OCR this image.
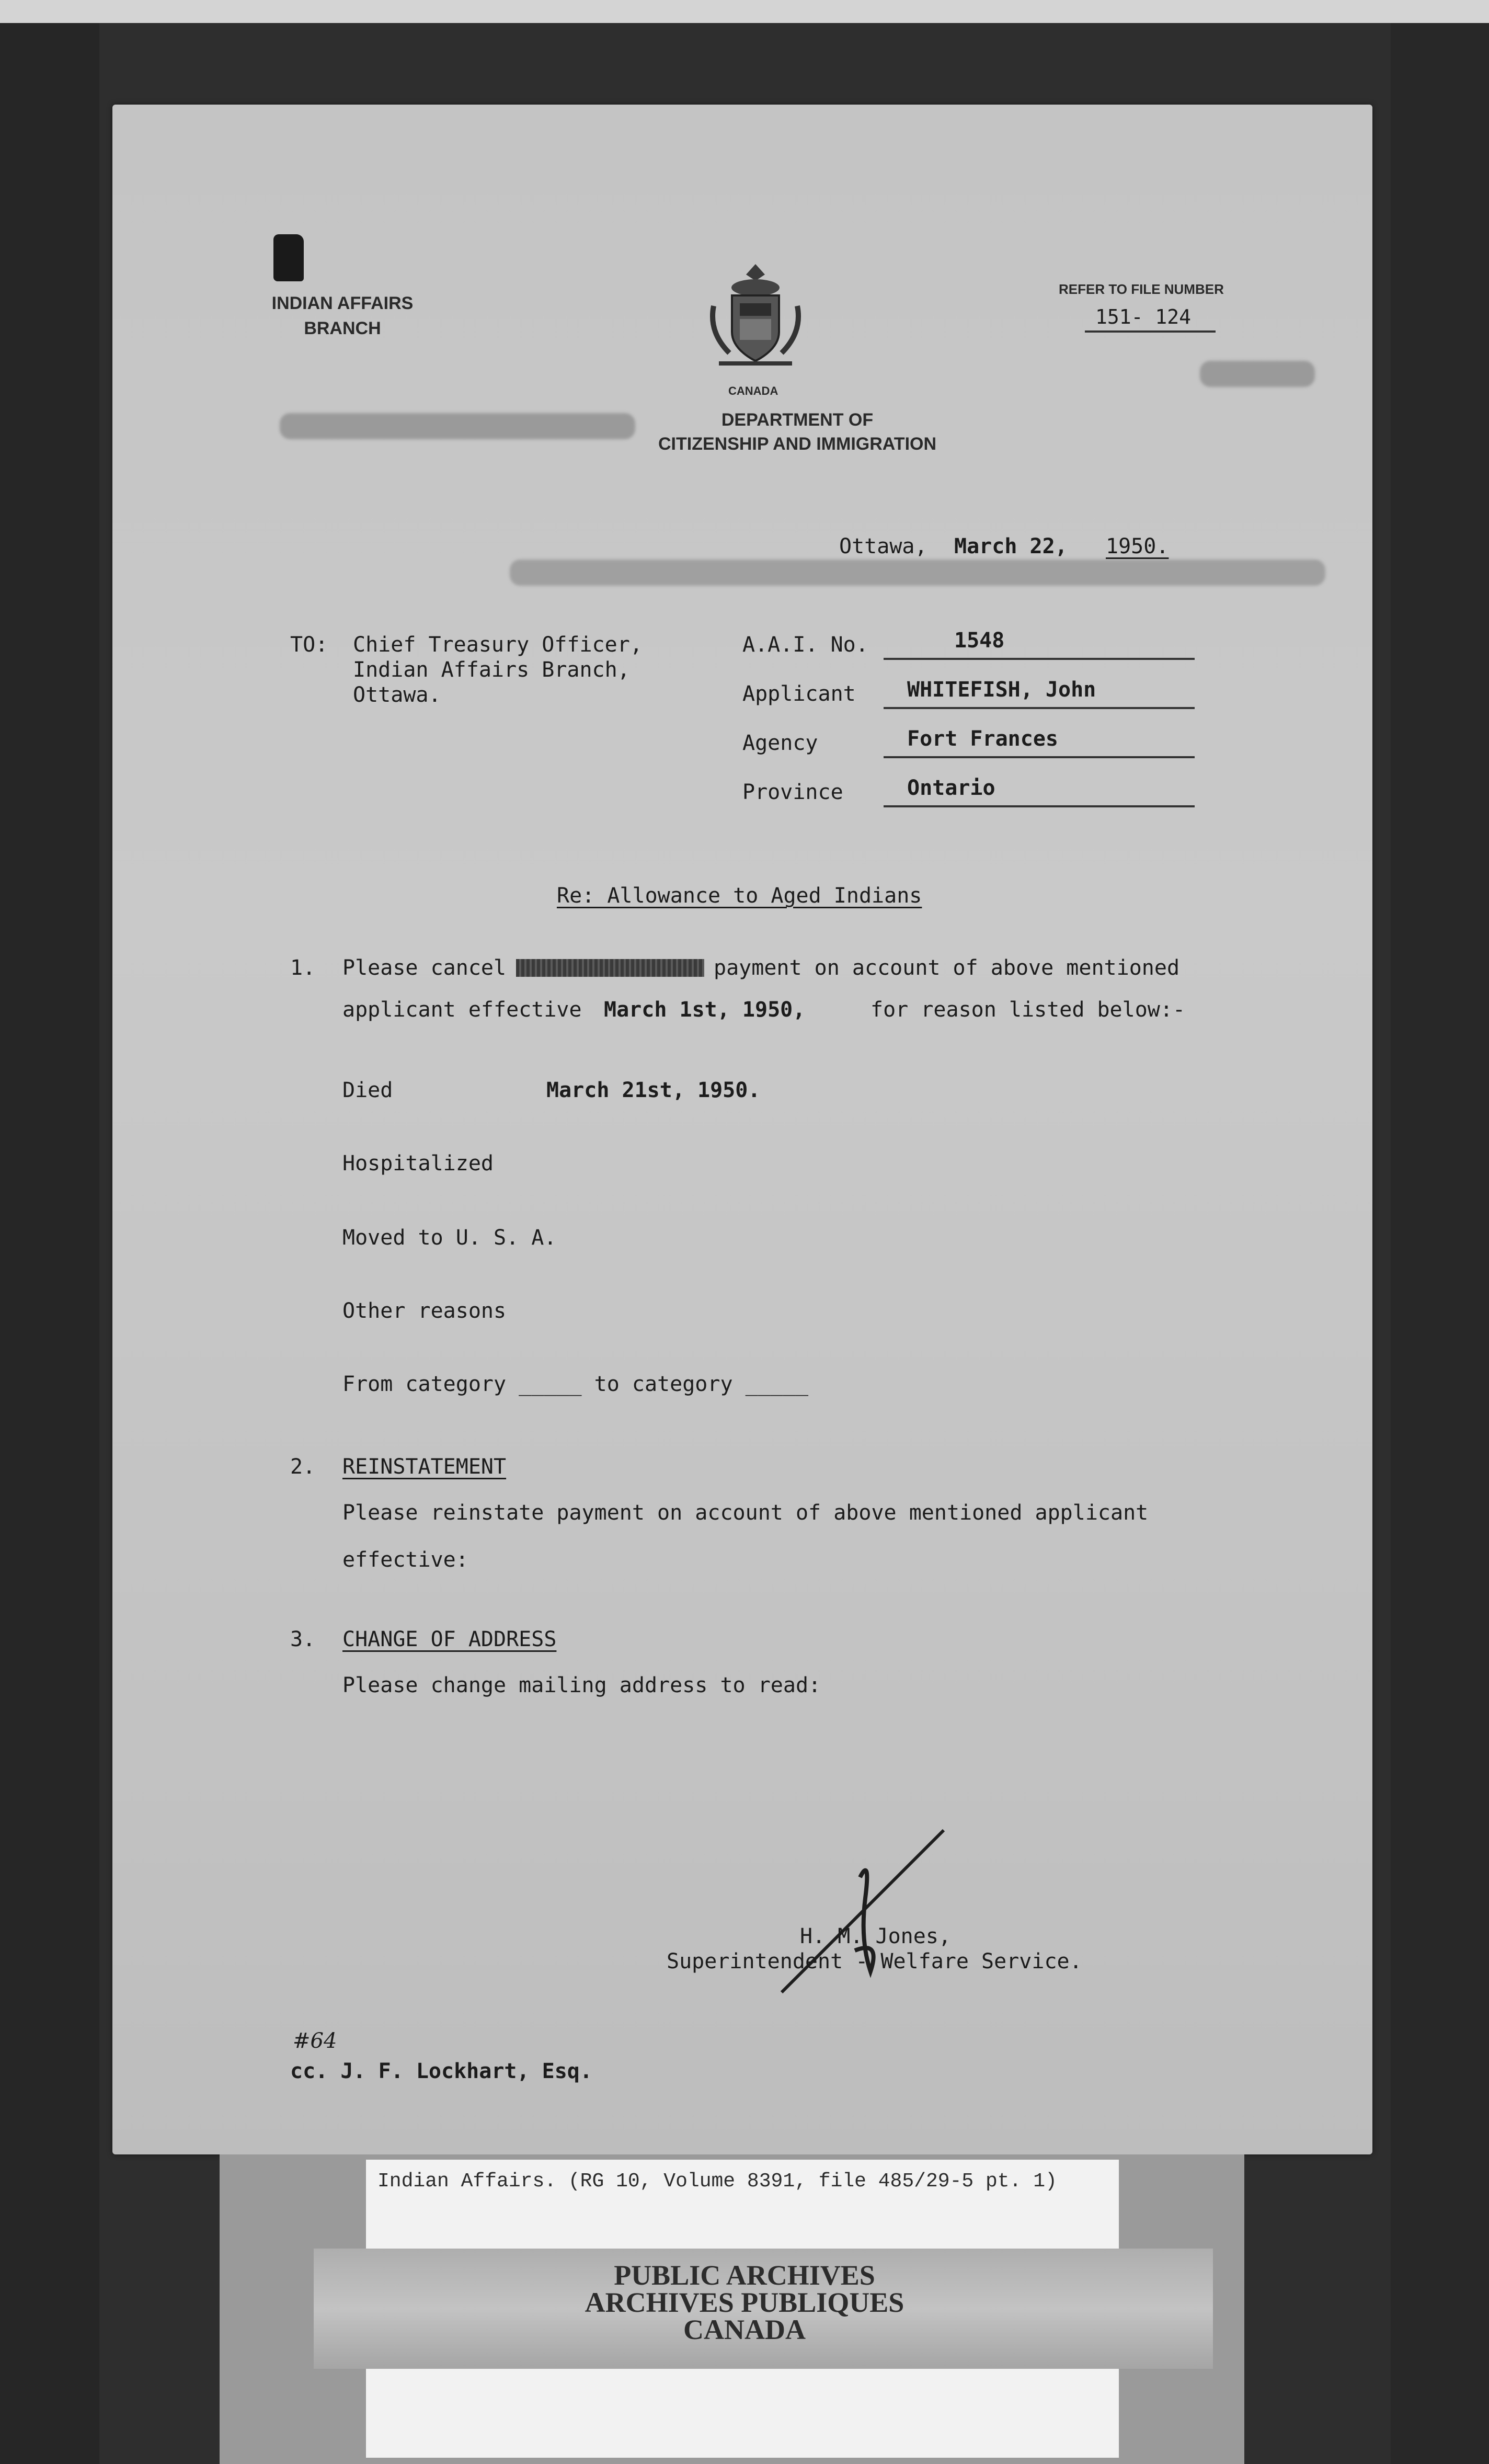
INDIAN AFFAIRS
BRANCH
CANADA
DEPARTMENT OF
CITIZENSHIP AND IMMIGRATION
REFER TO FILE NUMBER
151- 124
Ottawa, March 22, 1950.
TO: Chief Treasury Officer,
Indian Affairs Branch,
Ottawa.
A.A.I. No.	1548
Applicant WHITEFISH, John
Agency	Fort Frances
Province	Ontario
Re: Allowance to Aged Indians
1. Please cancel	payment on account of above mentioned
applicant effective March 1st, 1950,	for reason listed below:-
Died	March 21st, 1950.
Hospitalized
Moved to U. S. A.
Other reasons
From category _____ to category _____
2. REINSTATEMENT
Please reinstate payment on account of above mentioned applicant
effective:
3. CHANGE OF ADDRESS
Please change mailing address to read:
H. M. Jones,
Superintendent - Welfare Service.
#64
cc. J. F. Lockhart, Esq.
Indian Affairs. (RG 10, Volume 8391, file 485/29-5 pt. 1)
PUBLIC ARCHIVES
ARCHIVES PUBLIQUES
CANADA
